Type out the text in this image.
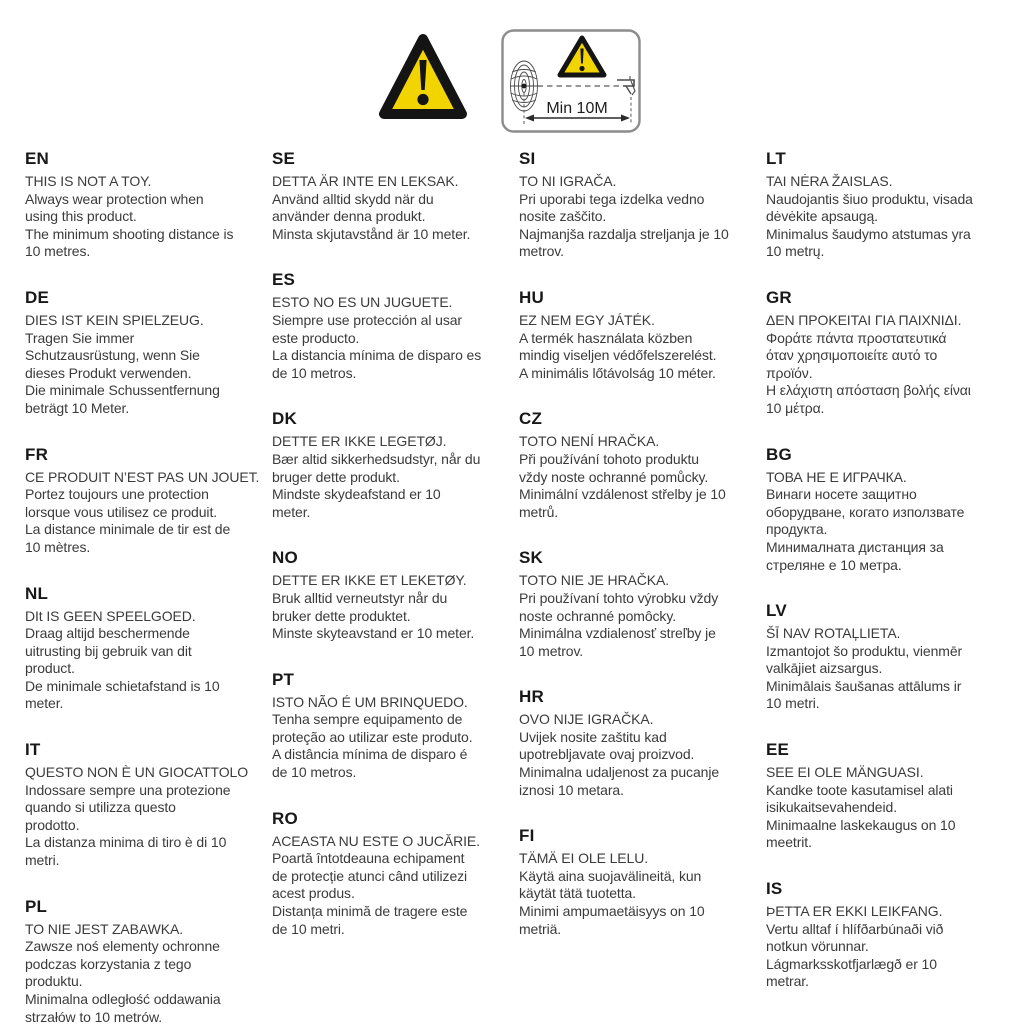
Min 10M
EN
THIS IS NOT A TOY.
Always wear protection when
using this product.
The minimum shooting distance is
10 metres.
DE
DIES IST KEIN SPIELZEUG.
Tragen Sie immer
Schutzausrüstung, wenn Sie
dieses Produkt verwenden.
Die minimale Schussentfernung
beträgt 10 Meter.
FR
CE PRODUIT N’EST PAS UN JOUET.
Portez toujours une protection
lorsque vous utilisez ce produit.
La distance minimale de tir est de
10 mètres.
NL
DIt IS GEEN SPEELGOED.
Draag altijd beschermende
uitrusting bij gebruik van dit
product.
De minimale schietafstand is 10
meter.
IT
QUESTO NON È UN GIOCATTOLO
Indossare sempre una protezione
quando si utilizza questo
prodotto.
La distanza minima di tiro è di 10
metri.
PL
TO NIE JEST ZABAWKA.
Zawsze noś elementy ochronne
podczas korzystania z tego
produktu.
Minimalna odległość oddawania
strzałów to 10 metrów.
SE
DETTA ÄR INTE EN LEKSAK.
Använd alltid skydd när du
använder denna produkt.
Minsta skjutavstånd är 10 meter.
ES
ESTO NO ES UN JUGUETE.
Siempre use protección al usar
este producto.
La distancia mínima de disparo es
de 10 metros.
DK
DETTE ER IKKE LEGETØJ.
Bær altid sikkerhedsudstyr, når du
bruger dette produkt.
Mindste skydeafstand er 10
meter.
NO
DETTE ER IKKE ET LEKETØY.
Bruk alltid verneutstyr når du
bruker dette produktet.
Minste skyteavstand er 10 meter.
PT
ISTO NÃO É UM BRINQUEDO.
Tenha sempre equipamento de
proteção ao utilizar este produto.
A distância mínima de disparo é
de 10 metros.
RO
ACEASTA NU ESTE O JUCĂRIE.
Poartă întotdeauna echipament
de protecție atunci când utilizezi
acest produs.
Distanța minimă de tragere este
de 10 metri.
SI
TO NI IGRAČA.
Pri uporabi tega izdelka vedno
nosite zaščito.
Najmanjša razdalja streljanja je 10
metrov.
HU
EZ NEM EGY JÁTÉK.
A termék használata közben
mindig viseljen védőfelszerelést.
A minimális lőtávolság 10 méter.
CZ
TOTO NENÍ HRAČKA.
Při používání tohoto produktu
vždy noste ochranné pomůcky.
Minimální vzdálenost střelby je 10
metrů.
SK
TOTO NIE JE HRAČKA.
Pri používaní tohto výrobku vždy
noste ochranné pomôcky.
Minimálna vzdialenosť streľby je
10 metrov.
HR
OVO NIJE IGRAČKA.
Uvijek nosite zaštitu kad
upotrebljavate ovaj proizvod.
Minimalna udaljenost za pucanje
iznosi 10 metara.
FI
TÄMÄ EI OLE LELU.
Käytä aina suojavälineitä, kun
käytät tätä tuotetta.
Minimi ampumaetäisyys on 10
metriä.
LT
TAI NĖRA ŽAISLAS.
Naudojantis šiuo produktu, visada
dėvėkite apsaugą.
Minimalus šaudymo atstumas yra
10 metrų.
GR
ΔΕΝ ΠΡΟΚΕΙΤΑΙ ΓΙΑ ΠΑΙΧΝΙΔΙ.
Φοράτε πάντα προστατευτικά
όταν χρησιμοποιείτε αυτό το
προϊόν.
Η ελάχιστη απόσταση βολής είναι
10 μέτρα.
BG
ТОВА НЕ Е ИГРАЧКА.
Винаги носете защитно
оборудване, когато използвате
продукта.
Минималната дистанция за
стреляне е 10 метра.
LV
ŠĪ NAV ROTAĻLIETA.
Izmantojot šo produktu, vienmēr
valkājiet aizsargus.
Minimālais šaušanas attālums ir
10 metri.
EE
SEE EI OLE MÄNGUASI.
Kandke toote kasutamisel alati
isikukaitsevahendeid.
Minimaalne laskekaugus on 10
meetrit.
IS
ÞETTA ER EKKI LEIKFANG.
Vertu alltaf í hlífðarbúnaði við
notkun vörunnar.
Lágmarksskotfjarlægð er 10
metrar.
